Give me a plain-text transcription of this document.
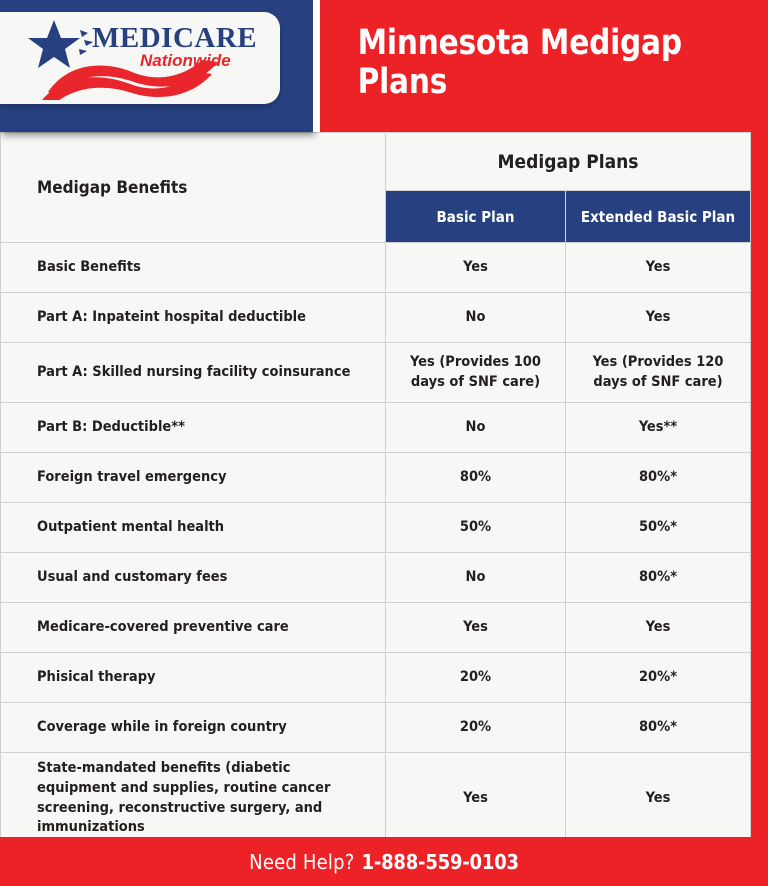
MEDICARE
Nationwide	Minnesota Medigap Plans
Medigap Benefits	Medigap Plans	
	Basic Plan	Extended Basic Plan
Basic Benefits	Yes	Yes
Part A: Inpateint hospital deductible	No	Yes
Part A: Skilled nursing facility coinsurance	Yes (Provides 100 days of SNF care)	Yes (Provides 120 days of SNF care)
Part B: Deductible**	No	Yes**
Foreign travel emergency	80%	80%*
Outpatient mental health	50%	50%*
Usual and customary fees	No	80%*
Medicare-covered preventive care	Yes	Yes
Phisical therapy	20%	20%*
Coverage while in foreign country	20%	80%*
State-mandated benefits (diabetic equipment and supplies, routine cancer screening, reconstructive surgery, and immunizations	Yes	Yes
Need Help? 1-888-559-0103
